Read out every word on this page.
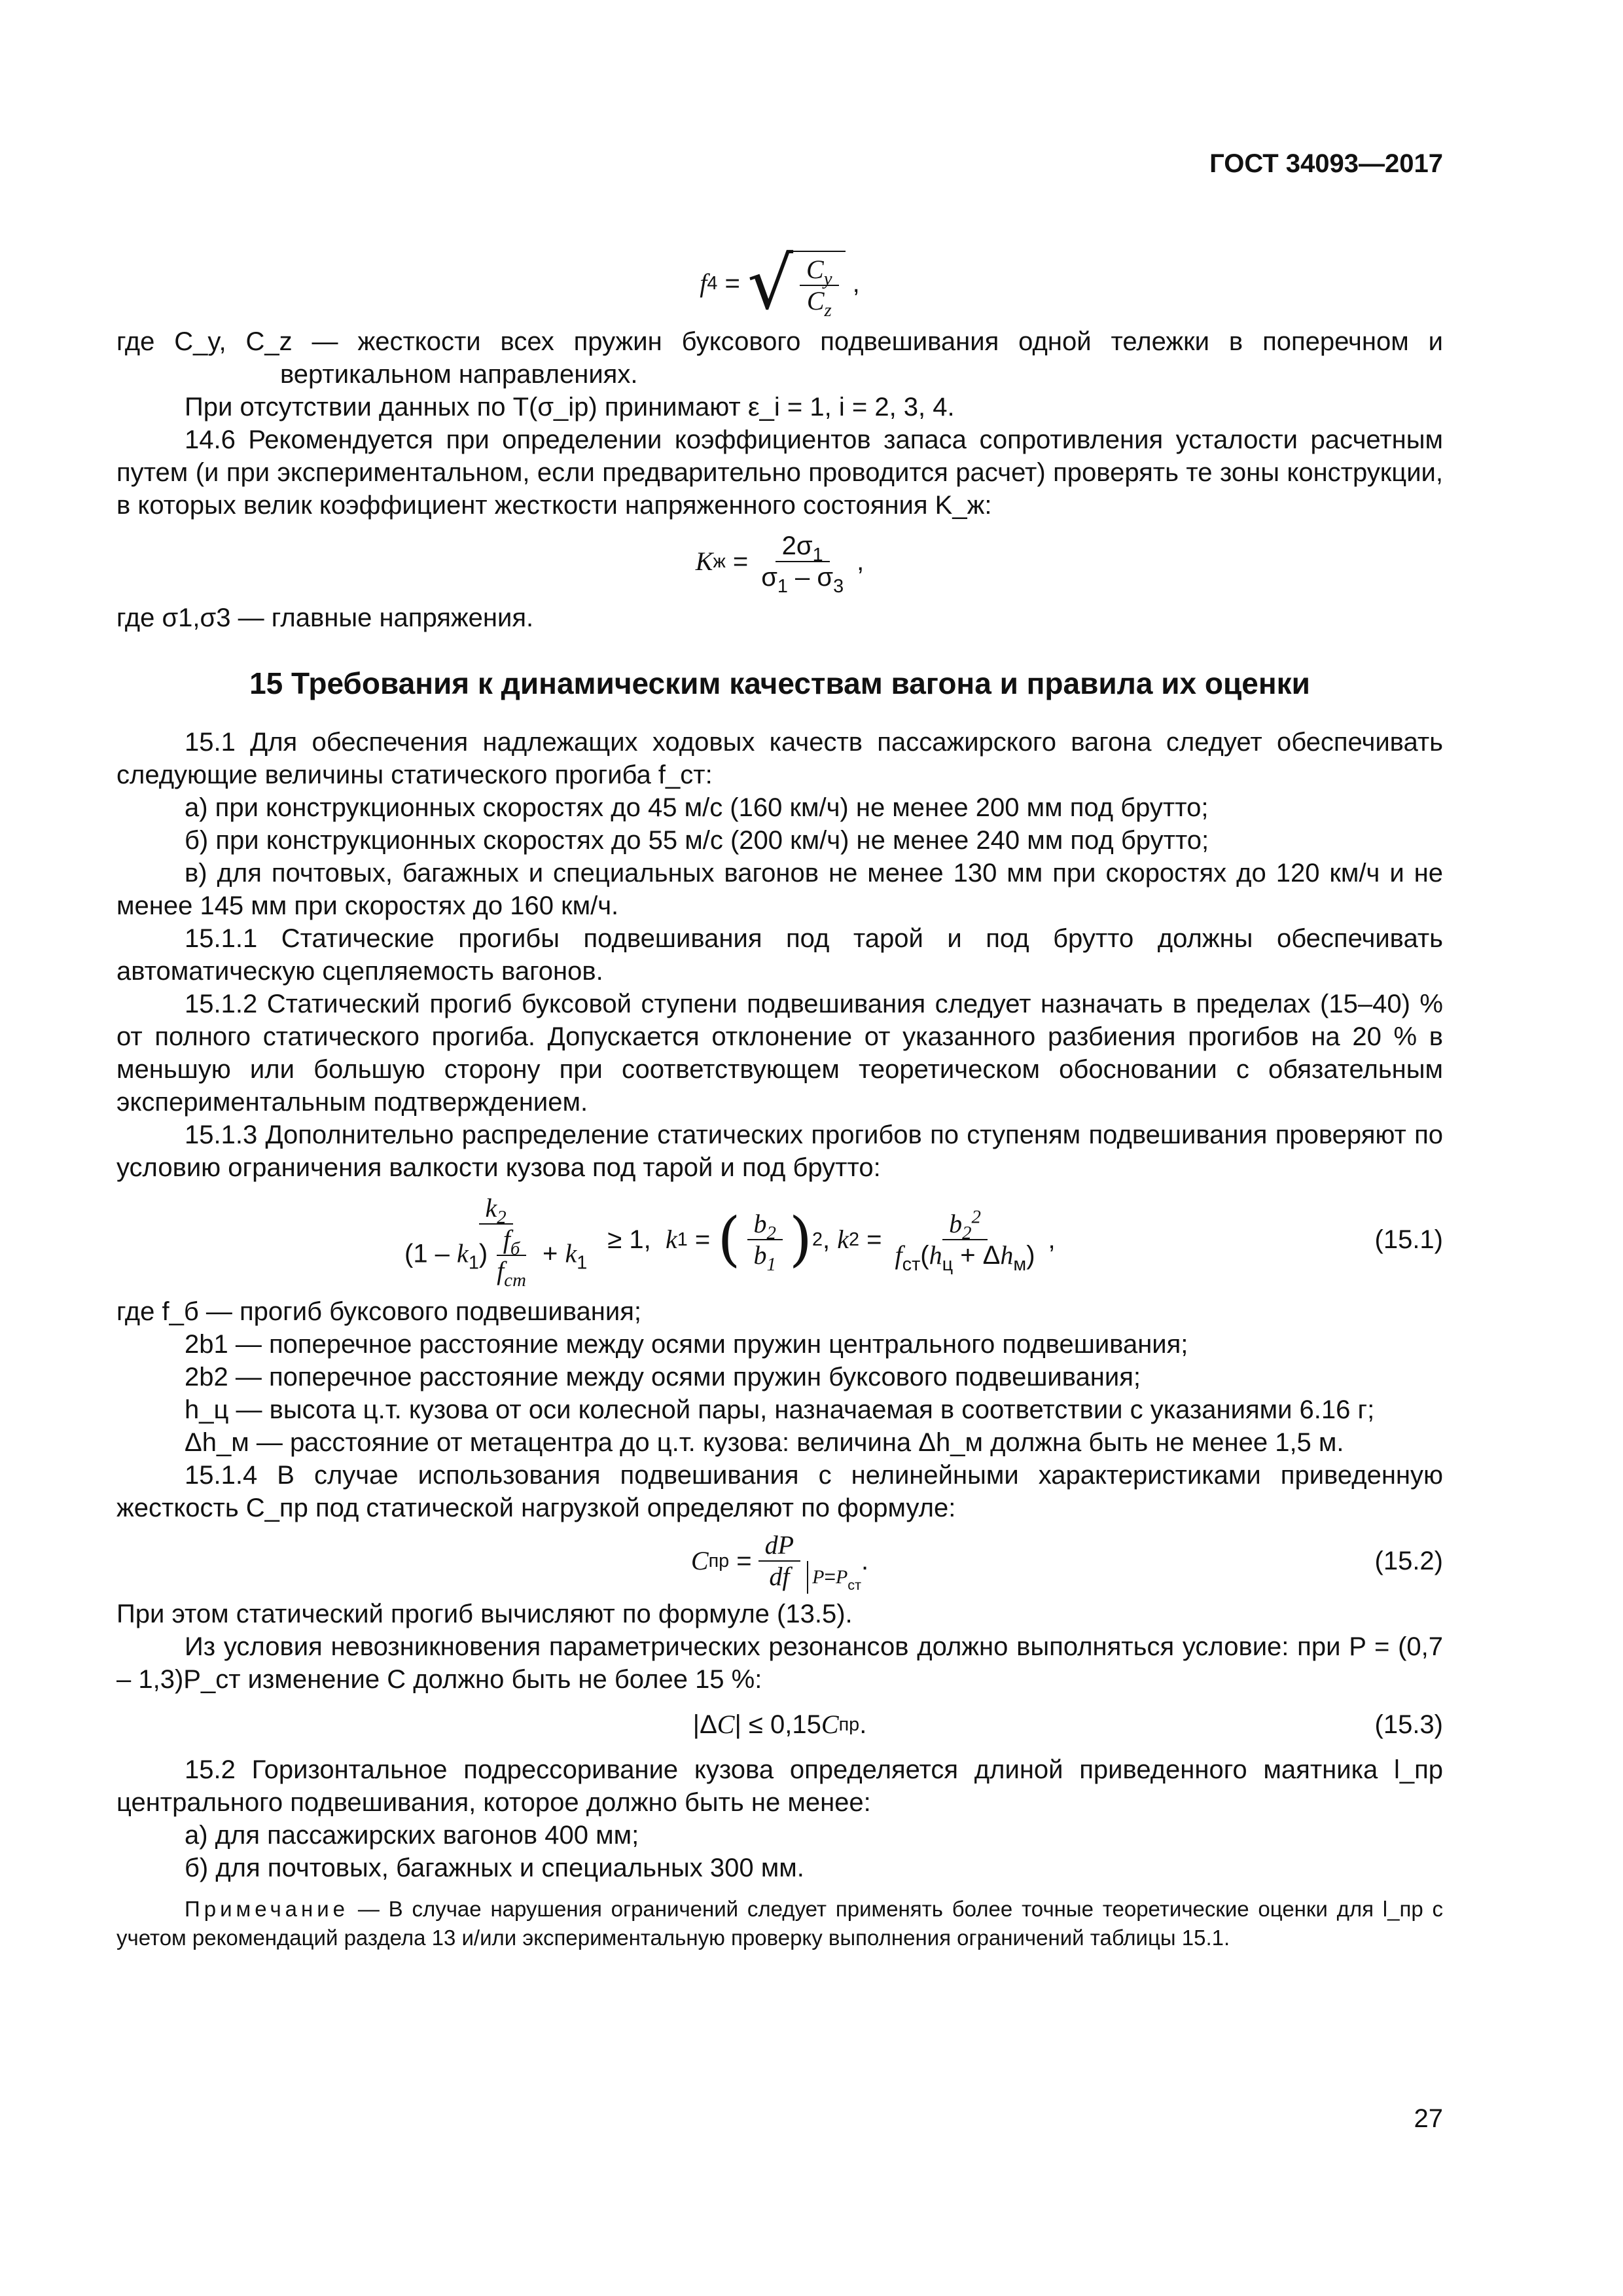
ГОСТ 34093—2017
f 4 = √ $\frac{C_y}{C_z}$ ,

где C_y, C_z — жесткости всех пружин буксового подвешивания одной тележки в поперечном и вертикальном направлениях.

При отсутствии данных по T(σ_ip) принимают ε_i = 1, i = 2, 3, 4.

14.6 Рекомендуется при определении коэффициентов запаса сопротивления усталости расчетным путем (и при экспериментальном, если предварительно проводится расчет) проверять те зоны конструкции, в которых велик коэффициент жесткости напряженного состояния K_ж:

K $ж = \frac{2\sigma_1}{\sigma_1 - \sigma_3}$ ,

где σ1,σ3 — главные напряжения.

15 Требования к динамическим качествам вагона и правила их оценки

15.1 Для обеспечения надлежащих ходовых качеств пассажирского вагона следует обеспечивать следующие величины статического прогиба f_ст:

а) при конструкционных скоростях до 45 м/с (160 км/ч) не менее 200 мм под брутто;

б) при конструкционных скоростях до 55 м/с (200 км/ч) не менее 240 мм под брутто;

в) для почтовых, багажных и специальных вагонов не менее 130 мм при скоростях до 120 км/ч и не менее 145 мм при скоростях до 160 км/ч.

15.1.1 Статические прогибы подвешивания под тарой и под брутто должны обеспечивать автоматическую сцепляемость вагонов.

15.1.2 Статический прогиб буксовой ступени подвешивания следует назначать в пределах (15–40) % от полного статического прогиба. Допускается отклонение от указанного разбиения прогибов на 20 % в меньшую или большую сторону при соответствующем теоретическом обосновании с обязательным экспериментальным подтверждением.

15.1.3 Дополнительно распределение статических прогибов по ступеням подвешивания проверяют по условию ограничения валкости кузова под тарой и под брутто:

$\frac{k_2}{(1 - k_1) \frac{f_б}{f_{ст}} + k_1} \ge 1$, k 1 = ( $\frac{b_2}{b_1}$ ) 2 , k $2 = \frac{b_2^2}{f_{ст}(h_ц + \Delta h_м)}$ ,	(15.1)

где f_б — прогиб буксового подвешивания;

2b1 — поперечное расстояние между осями пружин центрального подвешивания;

2b2 — поперечное расстояние между осями пружин буксового подвешивания;

h_ц — высота ц.т. кузова от оси колесной пары, назначаемая в соответствии с указаниями 6.16 г;

Δh_м — расстояние от метацентра до ц.т. кузова: величина Δh_м должна быть не менее 1,5 м.

15.1.4 В случае использования подвешивания с нелинейными характеристиками приведенную жесткость C_пр под статической нагрузкой определяют по формуле:

C пр = $\frac{dP}{df} P=P_{ст}$
.	(15.2)

При этом статический прогиб вычисляют по формуле (13.5).

Из условия невозникновения параметрических резонансов должно выполняться условие: при P = (0,7 – 1,3)P_ст изменение C должно быть не более 15 %:

|Δ C | ≤ 0,15 C пр .	(15.3)

15.2 Горизонтальное подрессоривание кузова определяется длиной приведенного маятника l_пр центрального подвешивания, которое должно быть не менее:

а) для пассажирских вагонов 400 мм;

б) для почтовых, багажных и специальных 300 мм.

Примечание — В случае нарушения ограничений следует применять более точные теоретические оценки для l_пр с учетом рекомендаций раздела 13 и/или экспериментальную проверку выполнения ограничений таблицы 15.1.
27
